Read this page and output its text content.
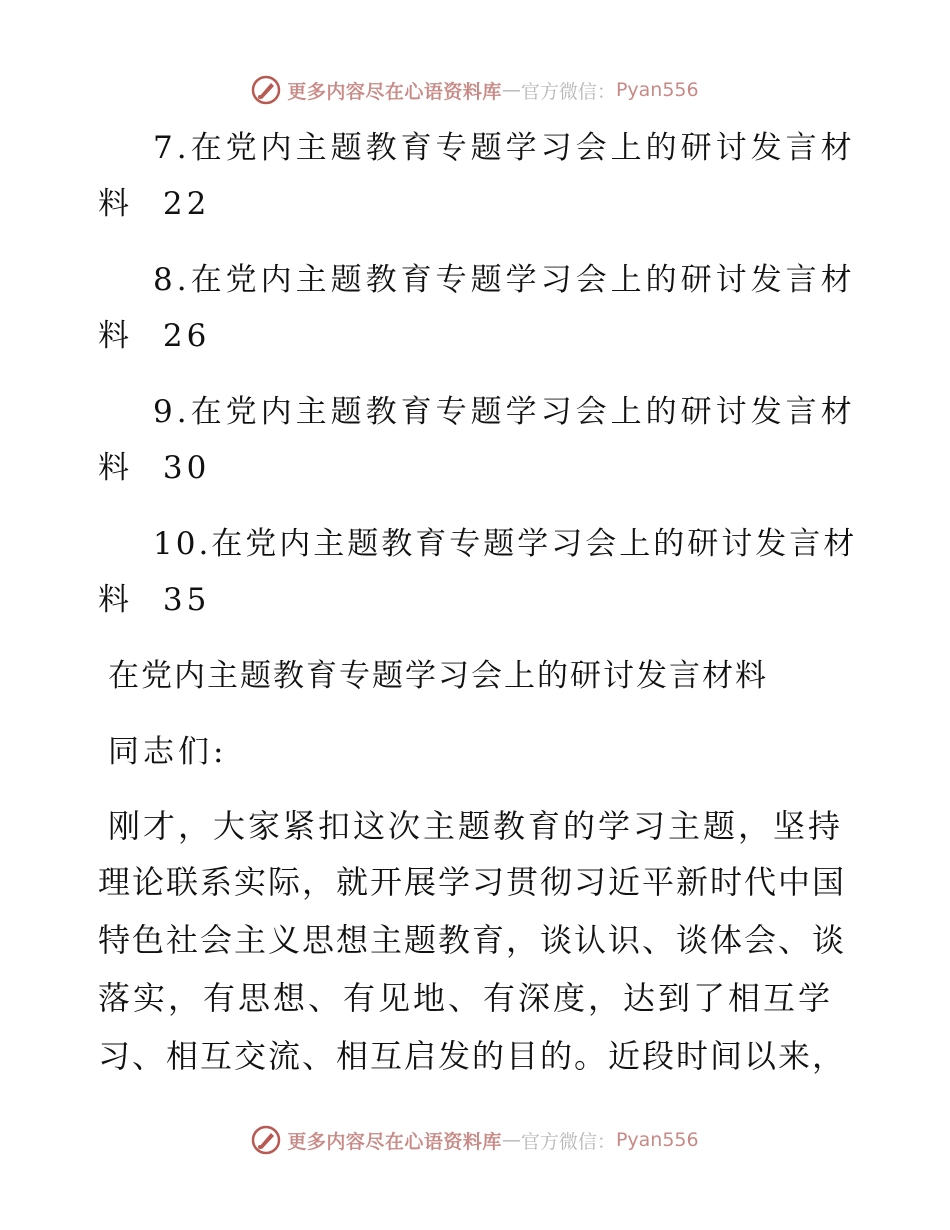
更多内容尽在心语资料库 — 官方微信： Pyan556
7.在党内主题教育专题学习会上的研讨发言材
料 22
8.在党内主题教育专题学习会上的研讨发言材
料 26
9.在党内主题教育专题学习会上的研讨发言材
料 30
10.在党内主题教育专题学习会上的研讨发言材
料 35
在党内主题教育专题学习会上的研讨发言材料
同志们:
刚才，大家紧扣这次主题教育的学习主题，坚持
理论联系实际，就开展学习贯彻习近平新时代中国
特色社会主义思想主题教育，谈认识、谈体会、谈
落实，有思想、有见地、有深度，达到了相互学
习、相互交流、相互启发的目的。近段时间以来，
更多内容尽在心语资料库 — 官方微信： Pyan556
